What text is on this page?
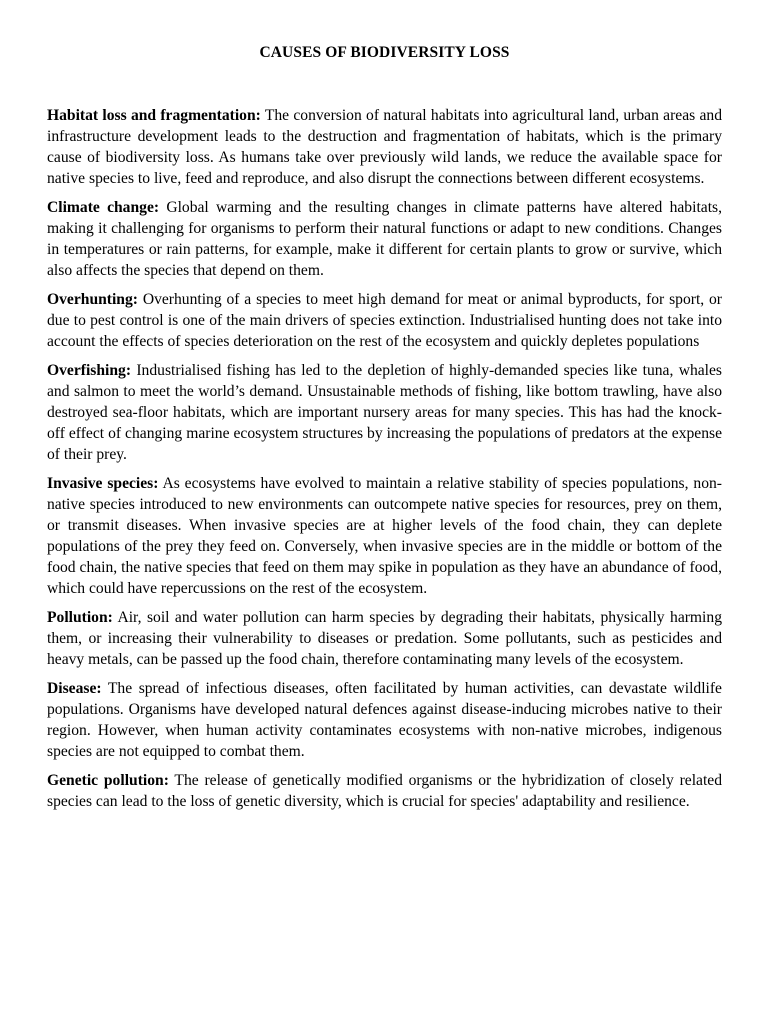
CAUSES OF BIODIVERSITY LOSS

Habitat loss and fragmentation: The conversion of natural habitats into agricultural land, urban areas and infrastructure development leads to the destruction and fragmentation of habitats, which is the primary cause of biodiversity loss. As humans take over previously wild lands, we reduce the available space for native species to live, feed and reproduce, and also disrupt the connections between different ecosystems.

Climate change: Global warming and the resulting changes in climate patterns have altered habitats, making it challenging for organisms to perform their natural functions or adapt to new conditions. Changes in temperatures or rain patterns, for example, make it different for certain plants to grow or survive, which also affects the species that depend on them.

Overhunting: Overhunting of a species to meet high demand for meat or animal byproducts, for sport, or due to pest control is one of the main drivers of species extinction. Industrialised hunting does not take into account the effects of species deterioration on the rest of the ecosystem and quickly depletes populations

Overfishing: Industrialised fishing has led to the depletion of highly-demanded species like tuna, whales and salmon to meet the world’s demand. Unsustainable methods of fishing, like bottom trawling, have also destroyed sea-floor habitats, which are important nursery areas for many species. This has had the knock-off effect of changing marine ecosystem structures by increasing the populations of predators at the expense of their prey.

Invasive species: As ecosystems have evolved to maintain a relative stability of species populations, non-native species introduced to new environments can outcompete native species for resources, prey on them, or transmit diseases. When invasive species are at higher levels of the food chain, they can deplete populations of the prey they feed on. Conversely, when invasive species are in the middle or bottom of the food chain, the native species that feed on them may spike in population as they have an abundance of food, which could have repercussions on the rest of the ecosystem.

Pollution: Air, soil and water pollution can harm species by degrading their habitats, physically harming them, or increasing their vulnerability to diseases or predation. Some pollutants, such as pesticides and heavy metals, can be passed up the food chain, therefore contaminating many levels of the ecosystem.

Disease: The spread of infectious diseases, often facilitated by human activities, can devastate wildlife populations. Organisms have developed natural defences against disease-inducing microbes native to their region. However, when human activity contaminates ecosystems with non-native microbes, indigenous species are not equipped to combat them.

Genetic pollution: The release of genetically modified organisms or the hybridization of closely related species can lead to the loss of genetic diversity, which is crucial for species' adaptability and resilience.
